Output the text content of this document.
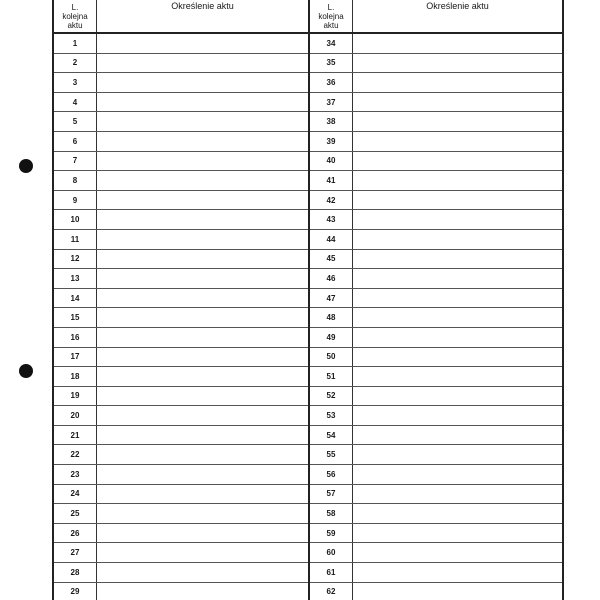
L.
kolejna
aktu
Określenie aktu
1
2
3
4
5
6
7
8
9
10
11
12
13
14
15
16
17
18
19
20
21
22
23
24
25
26
27
28
29
L.
kolejna
aktu
Określenie aktu
34
35
36
37
38
39
40
41
42
43
44
45
46
47
48
49
50
51
52
53
54
55
56
57
58
59
60
61
62
